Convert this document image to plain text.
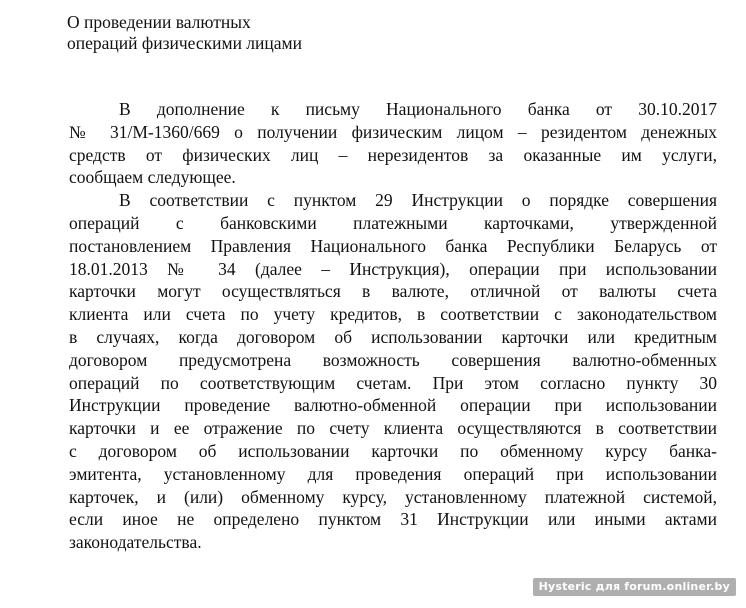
О проведении валютных
операций физическими лицами
В дополнение к письму Национального банка от 30.10.2017
№ 31/М-1360/669 о получении физическим лицом – резидентом денежных
средств от физических лиц – нерезидентов за оказанные им услуги,
сообщаем следующее.
В соответствии с пунктом 29 Инструкции о порядке совершения
операций с банковскими платежными карточками, утвержденной
постановлением Правления Национального банка Республики Беларусь от
18.01.2013 № 34 (далее – Инструкция), операции при использовании
карточки могут осуществляться в валюте, отличной от валюты счета
клиента или счета по учету кредитов, в соответствии с законодательством
в случаях, когда договором об использовании карточки или кредитным
договором предусмотрена возможность совершения валютно-обменных
операций по соответствующим счетам. При этом согласно пункту 30
Инструкции проведение валютно-обменной операции при использовании
карточки и ее отражение по счету клиента осуществляются в соответствии
с договором об использовании карточки по обменному курсу банка-
эмитента, установленному для проведения операций при использовании
карточек, и (или) обменному курсу, установленному платежной системой,
если иное не определено пунктом 31 Инструкции или иными актами
законодательства.
Hysteric для forum.onliner.by
